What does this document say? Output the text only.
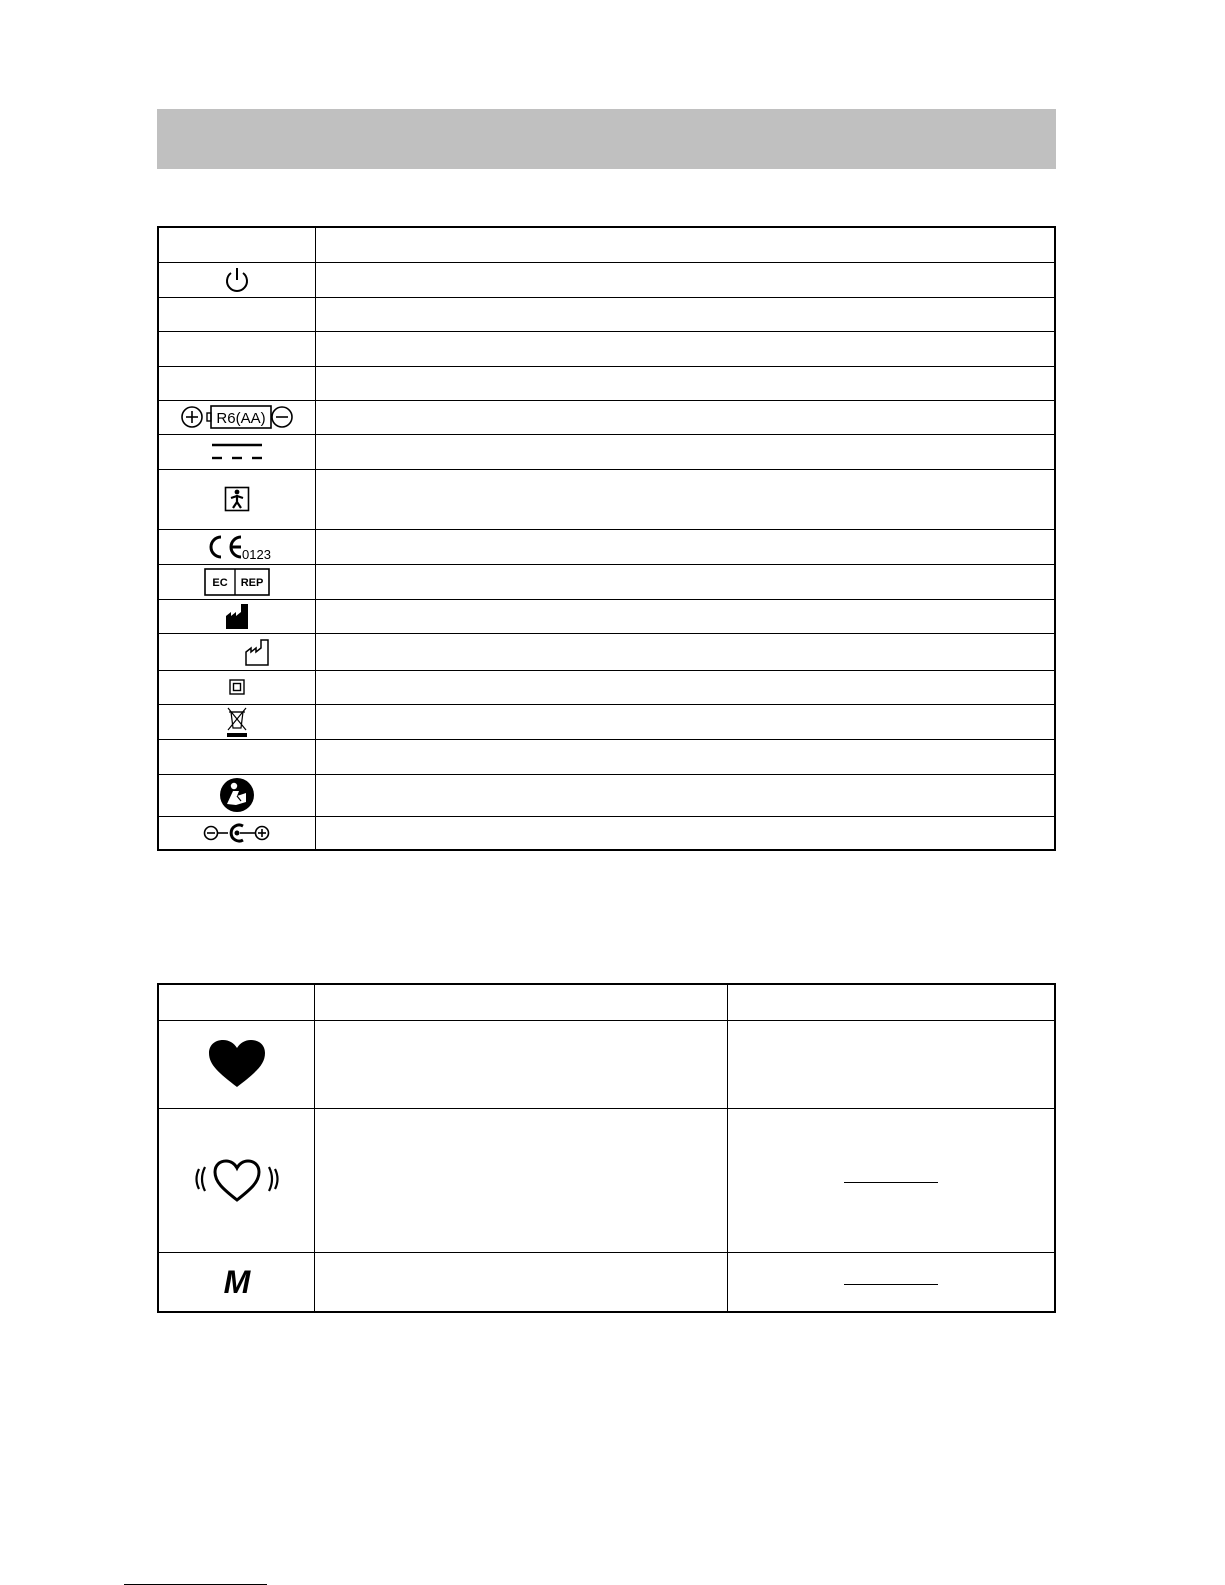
R6(AA)	

0123	

EC REP	

M		
